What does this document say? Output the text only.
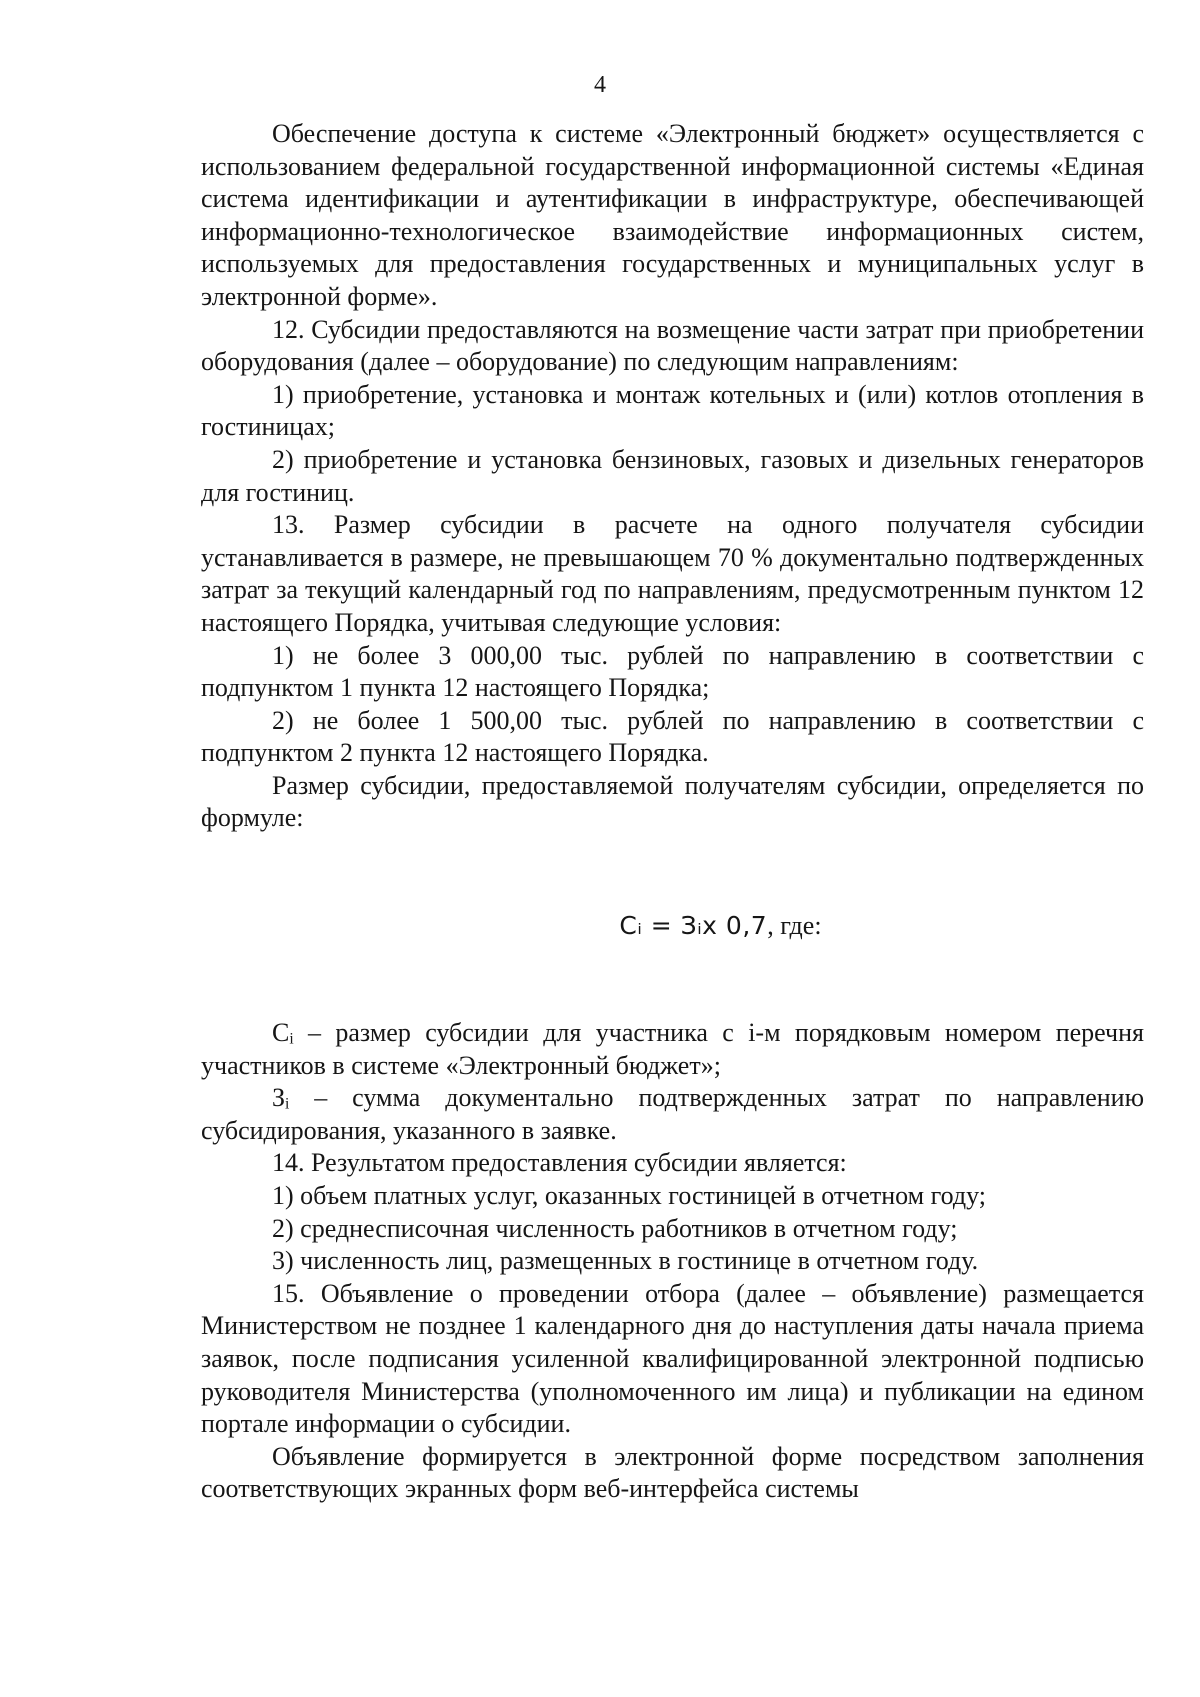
4

Обеспечение доступа к системе «Электронный бюджет» осуществляется с использованием федеральной государственной информационной системы «Единая система идентификации и аутентификации в инфраструктуре, обеспечивающей информационно-технологическое взаимодействие информационных систем, используемых для предоставления государственных и муниципальных услуг в электронной форме».

12. Субсидии предоставляются на возмещение части затрат при приобретении оборудования (далее – оборудование) по следующим направлениям:

1) приобретение, установка и монтаж котельных и (или) котлов отопления в гостиницах;

2) приобретение и установка бензиновых, газовых и дизельных генераторов для гостиниц.

13. Размер субсидии в расчете на одного получателя субсидии устанавливается в размере, не превышающем 70 % документально подтвержденных затрат за текущий календарный год по направлениям, предусмотренным пунктом 12 настоящего Порядка, учитывая следующие условия:

1) не более 3 000,00 тыс. рублей по направлению в соответствии с подпунктом 1 пункта 12 настоящего Порядка;

2) не более 1 500,00 тыс. рублей по направлению в соответствии с подпунктом 2 пункта 12 настоящего Порядка.

Размер субсидии, предоставляемой получателям субсидии, определяется по формуле:

Cᵢ = Зᵢx 0,7, где:

Cᵢ – размер субсидии для участника с i-м порядковым номером перечня участников в системе «Электронный бюджет»;

Зᵢ – сумма документально подтвержденных затрат по направлению субсидирования, указанного в заявке.

14. Результатом предоставления субсидии является:

1) объем платных услуг, оказанных гостиницей в отчетном году;

2) среднесписочная численность работников в отчетном году;

3) численность лиц, размещенных в гостинице в отчетном году.

15. Объявление о проведении отбора (далее – объявление) размещается Министерством не позднее 1 календарного дня до наступления даты начала приема заявок, после подписания усиленной квалифицированной электронной подписью руководителя Министерства (уполномоченного им лица) и публикации на едином портале информации о субсидии.

Объявление формируется в электронной форме посредством заполнения соответствующих экранных форм веб-интерфейса системы
